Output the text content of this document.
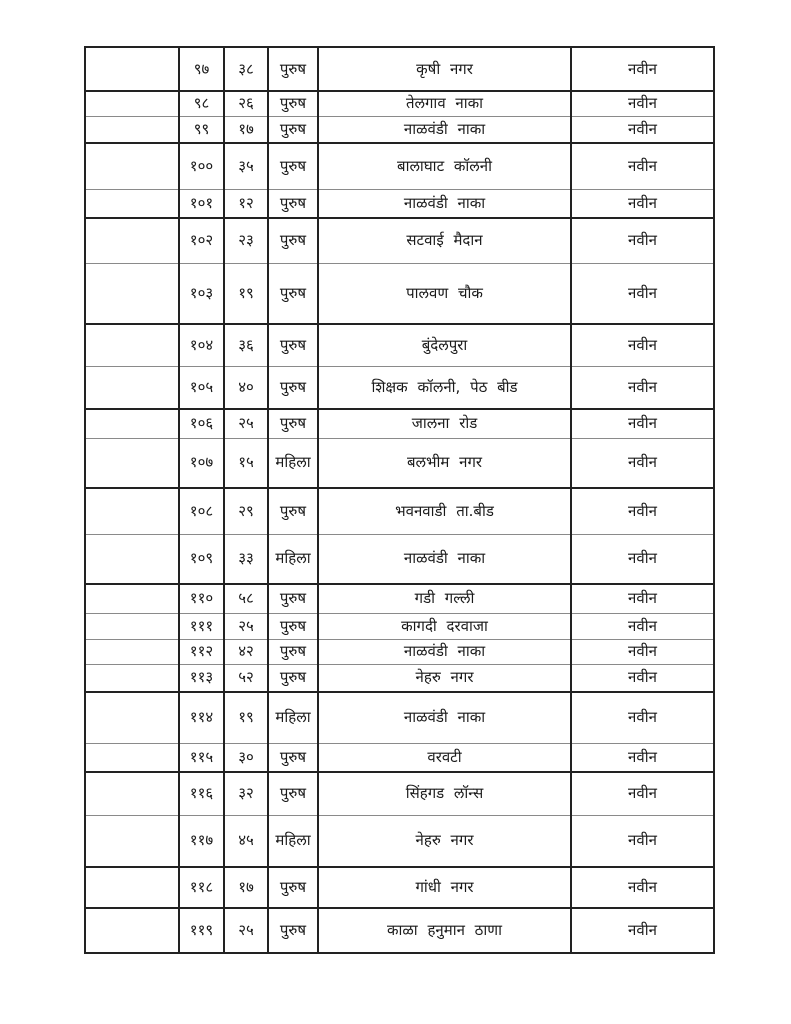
	९७	३८	पुरुष	कृषी नगर	नवीन
	९८	२६	पुरुष	तेलगाव नाका	नवीन
	९९	१७	पुरुष	नाळवंडी नाका	नवीन
	१००	३५	पुरुष	बालाघाट कॉलनी	नवीन
	१०१	१२	पुरुष	नाळवंडी नाका	नवीन
	१०२	२३	पुरुष	सटवाई मैदान	नवीन
	१०३	१९	पुरुष	पालवण चौक	नवीन
	१०४	३६	पुरुष	बुंदेलपुरा	नवीन
	१०५	४०	पुरुष	शिक्षक कॉलनी, पेठ बीड	नवीन
	१०६	२५	पुरुष	जालना रोड	नवीन
	१०७	१५	महिला	बलभीम नगर	नवीन
	१०८	२९	पुरुष	भवनवाडी ता.बीड	नवीन
	१०९	३३	महिला	नाळवंडी नाका	नवीन
	११०	५८	पुरुष	गडी गल्ली	नवीन
	१११	२५	पुरुष	कागदी दरवाजा	नवीन
	११२	४२	पुरुष	नाळवंडी नाका	नवीन
	११३	५२	पुरुष	नेहरु नगर	नवीन
	११४	१९	महिला	नाळवंडी नाका	नवीन
	११५	३०	पुरुष	वरवटी	नवीन
	११६	३२	पुरुष	सिंहगड लॉन्स	नवीन
	११७	४५	महिला	नेहरु नगर	नवीन
	११८	१७	पुरुष	गांधी नगर	नवीन
	११९	२५	पुरुष	काळा हनुमान ठाणा	नवीन
